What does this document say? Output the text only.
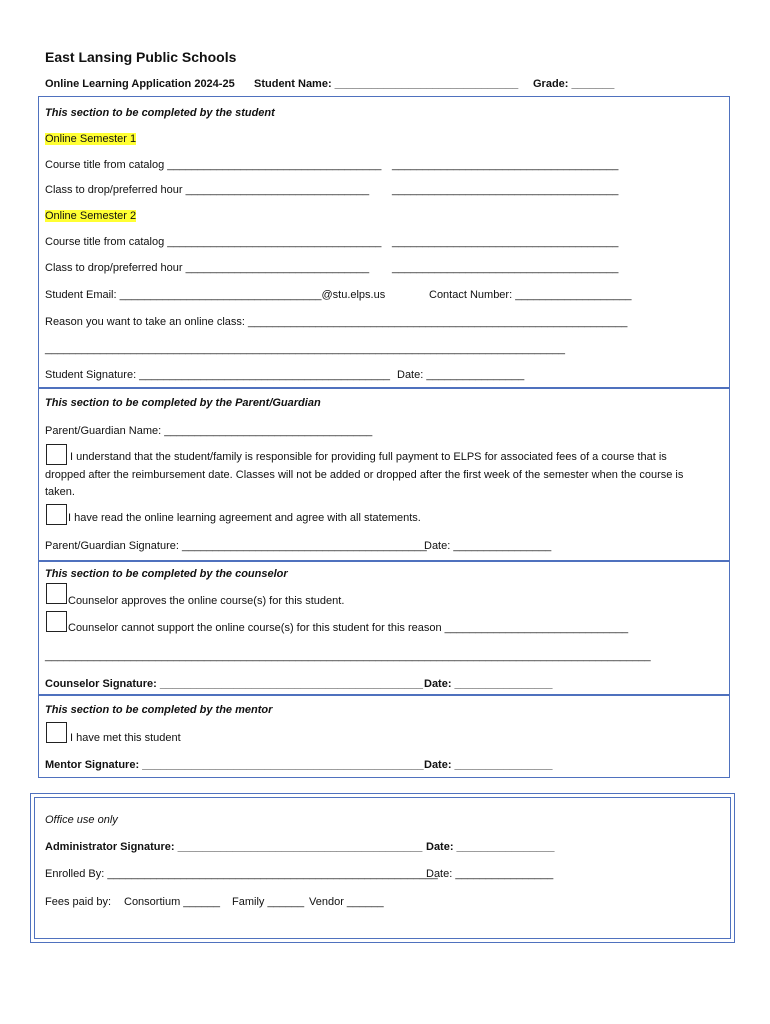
East Lansing Public Schools
Online Learning Application 2024-25 Student Name: ______________________________ Grade: _______
This section to be completed by the student
Online Semester 1
Course title from catalog ___________________________________ _____________________________________
Class to drop/preferred hour ______________________________ _____________________________________
Online Semester 2
Course title from catalog ___________________________________ _____________________________________
Class to drop/preferred hour ______________________________ _____________________________________
Student Email: _________________________________@stu.elps.us	Contact Number: ___________________
Reason you want to take an online class: ______________________________________________________________
_____________________________________________________________________________________
Student Signature: _________________________________________ Date: ________________
This section to be completed by the Parent/Guardian
Parent/Guardian Name: __________________________________
I understand that the student/family is responsible for providing full payment to ELPS for associated fees of a course that is
dropped after the reimbursement date. Classes will not be added or dropped after the first week of the semester when the course is
taken.
I have read the online learning agreement and agree with all statements.
Parent/Guardian Signature: ________________________________________
Date: ________________
This section to be completed by the counselor
Counselor approves the online course(s) for this student.
Counselor cannot support the online course(s) for this student for this reason ______________________________
___________________________________________________________________________________________________
Counselor Signature: ___________________________________________ Date: ________________
This section to be completed by the mentor
I have met this student
Mentor Signature: ______________________________________________ Date: ________________
Office use only
Administrator Signature: ________________________________________ Date: ________________
Enrolled By: ______________________________________________________
Date: ________________
Fees paid by: Consortium ______ Family ______ Vendor ______
